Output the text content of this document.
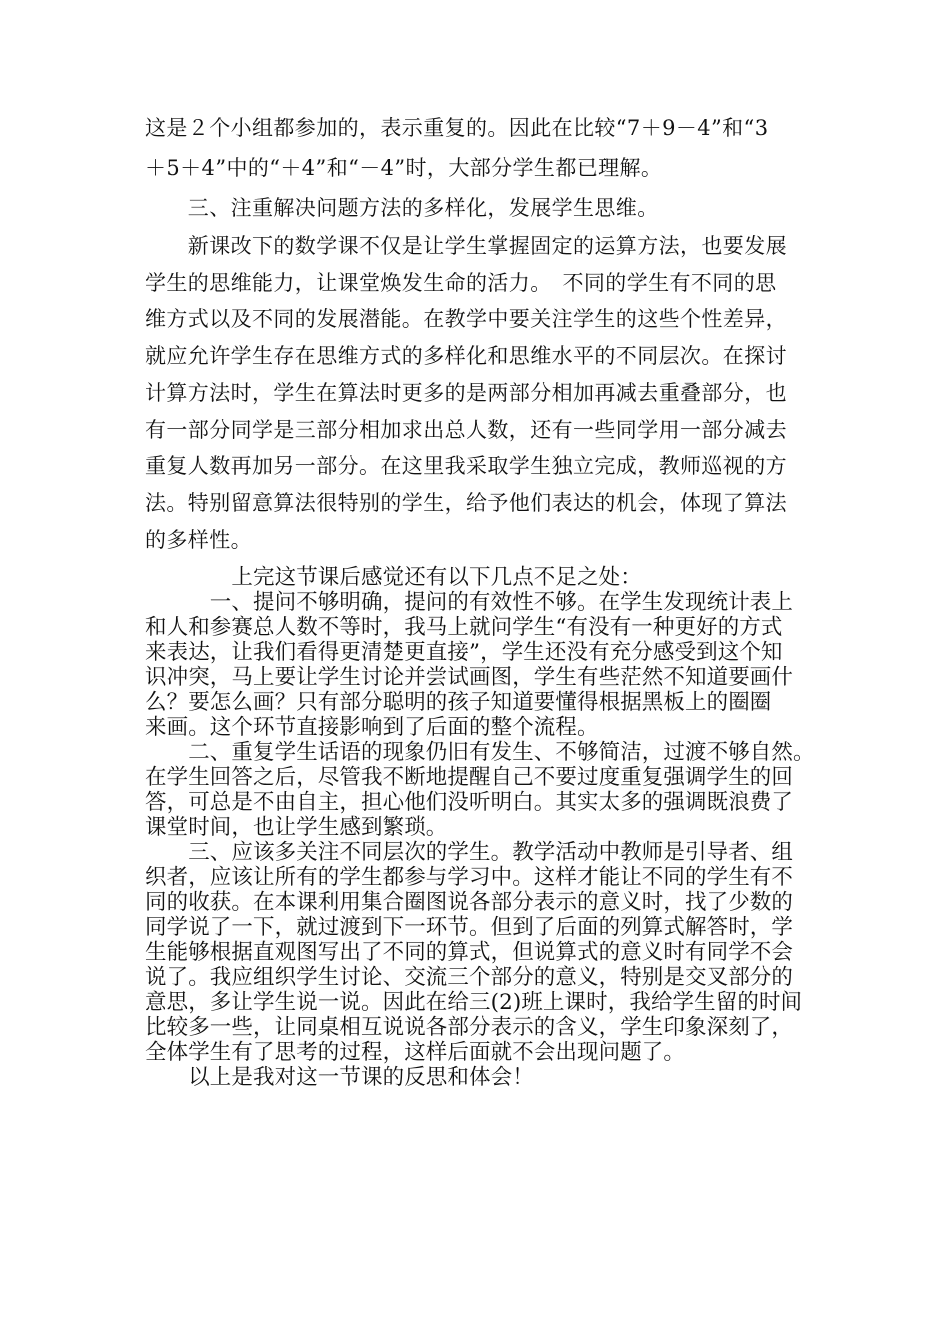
这是２个小组都参加的，表示重复的。因此在比较“7＋9－4”和“3
＋5＋4”中的“＋4”和“－4”时，大部分学生都已理解。
　　三、注重解决问题方法的多样化，发展学生思维。
　　新课改下的数学课不仅是让学生掌握固定的运算方法，也要发展
学生的思维能力，让课堂焕发生命的活力。　不同的学生有不同的思
维方式以及不同的发展潜能。在教学中要关注学生的这些个性差异，
就应允许学生存在思维方式的多样化和思维水平的不同层次。在探讨
计算方法时，学生在算法时更多的是两部分相加再减去重叠部分，也
有一部分同学是三部分相加求出总人数，还有一些同学用一部分减去
重复人数再加另一部分。在这里我采取学生独立完成，教师巡视的方
法。特别留意算法很特别的学生，给予他们表达的机会，体现了算法
的多样性。
　　　　上完这节课后感觉还有以下几点不足之处：
　　　一、提问不够明确，提问的有效性不够。在学生发现统计表上
和人和参赛总人数不等时，我马上就问学生“有没有一种更好的方式
来表达，让我们看得更清楚更直接”，学生还没有充分感受到这个知
识冲突，马上要让学生讨论并尝试画图，学生有些茫然不知道要画什
么？要怎么画？只有部分聪明的孩子知道要懂得根据黑板上的圈圈
来画。这个环节直接影响到了后面的整个流程。
　　二、重复学生话语的现象仍旧有发生、不够简洁，过渡不够自然。
在学生回答之后，尽管我不断地提醒自己不要过度重复强调学生的回
答，可总是不由自主，担心他们没听明白。其实太多的强调既浪费了
课堂时间，也让学生感到繁琐。
　　三、应该多关注不同层次的学生。教学活动中教师是引导者、组
织者，应该让所有的学生都参与学习中。这样才能让不同的学生有不
同的收获。在本课利用集合圈图说各部分表示的意义时，找了少数的
同学说了一下，就过渡到下一环节。但到了后面的列算式解答时，学
生能够根据直观图写出了不同的算式，但说算式的意义时有同学不会
说了。我应组织学生讨论、交流三个部分的意义，特别是交叉部分的
意思，多让学生说一说。因此在给三(2)班上课时，我给学生留的时间
比较多一些，让同桌相互说说各部分表示的含义，学生印象深刻了，
全体学生有了思考的过程，这样后面就不会出现问题了。
　　以上是我对这一节课的反思和体会！
